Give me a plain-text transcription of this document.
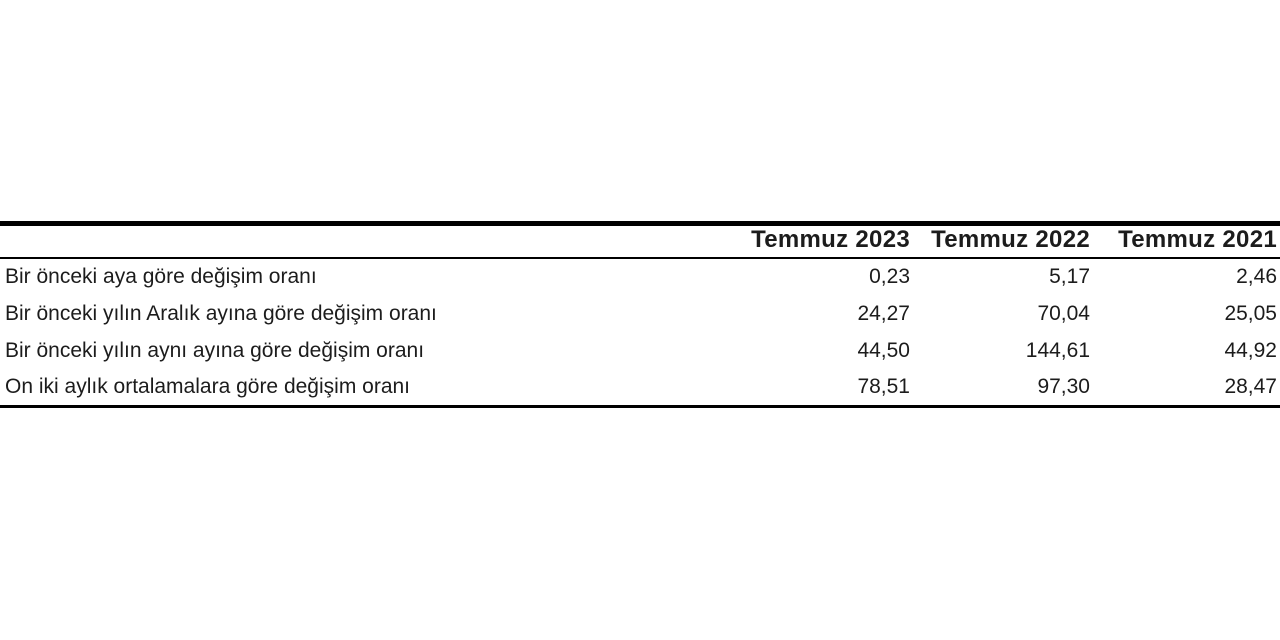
	Temmuz 2023	Temmuz 2022	Temmuz 2021
Bir önceki aya göre değişim oranı	0,23	5,17	2,46
Bir önceki yılın Aralık ayına göre değişim oranı	24,27	70,04	25,05
Bir önceki yılın aynı ayına göre değişim oranı	44,50	144,61	44,92
On iki aylık ortalamalara göre değişim oranı	78,51	97,30	28,47
